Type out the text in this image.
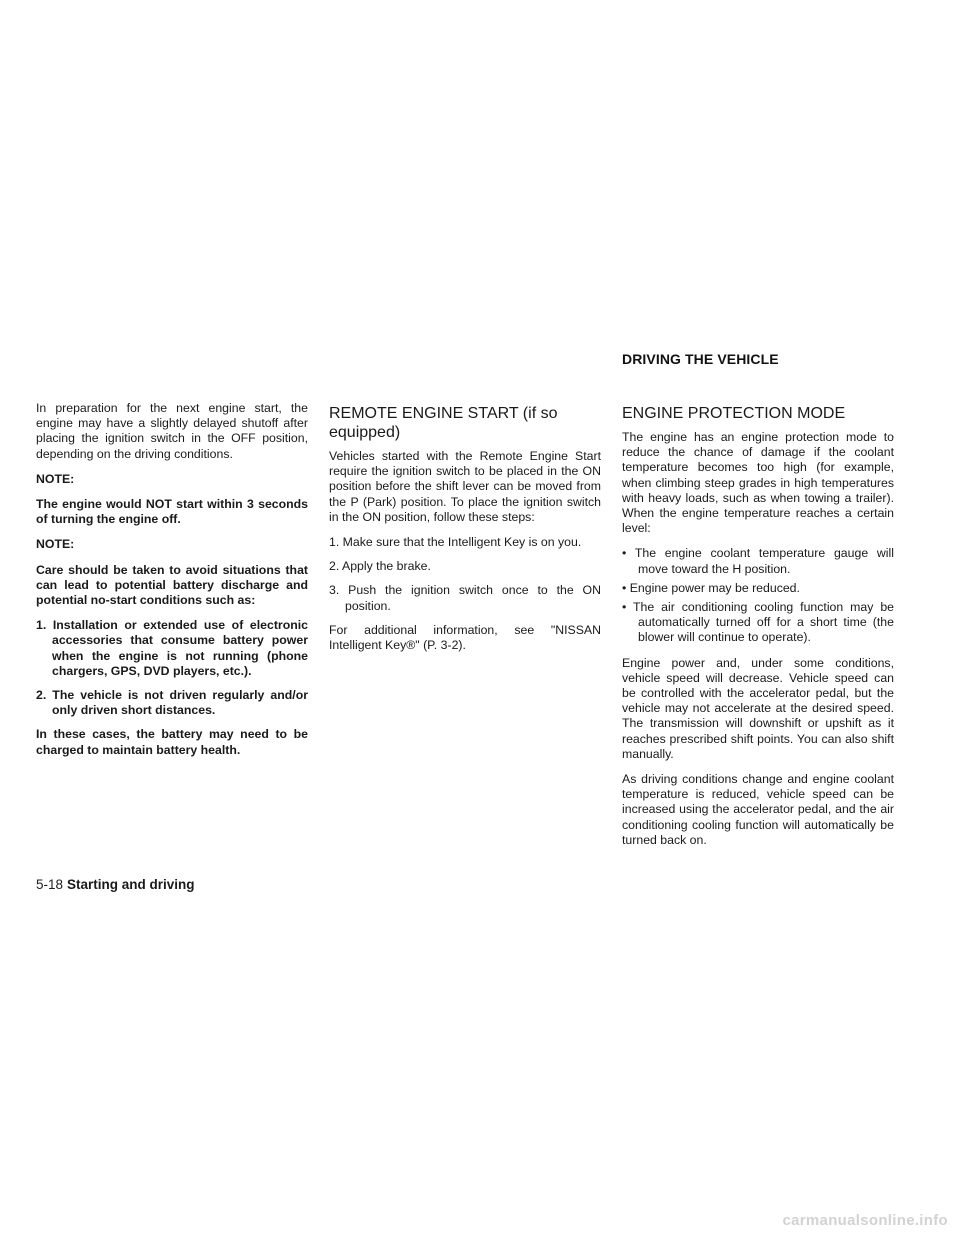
DRIVING THE VEHICLE

In preparation for the next engine start, the engine may have a slightly delayed shutoff after placing the ignition switch in the OFF position, depending on the driving conditions.

NOTE:

The engine would NOT start within 3 seconds of turning the engine off.

NOTE:

Care should be taken to avoid situations that can lead to potential battery discharge and potential no-start conditions such as:

1. Installation or extended use of electronic accessories that consume battery power when the engine is not running (phone chargers, GPS, DVD players, etc.).

2. The vehicle is not driven regularly and/or only driven short distances.

In these cases, the battery may need to be charged to maintain battery health.

REMOTE ENGINE START (if so equipped)

Vehicles started with the Remote Engine Start require the ignition switch to be placed in the ON position before the shift lever can be moved from the P (Park) position. To place the ignition switch in the ON position, follow these steps:

1. Make sure that the Intelligent Key is on you.

2. Apply the brake.

3. Push the ignition switch once to the ON position.

For additional information, see "NISSAN Intelligent Key®" (P. 3-2).

ENGINE PROTECTION MODE

The engine has an engine protection mode to reduce the chance of damage if the coolant temperature becomes too high (for example, when climbing steep grades in high temperatures with heavy loads, such as when towing a trailer). When the engine temperature reaches a certain level:

• The engine coolant temperature gauge will move toward the H position.

• Engine power may be reduced.

• The air conditioning cooling function may be automatically turned off for a short time (the blower will continue to operate).

Engine power and, under some conditions, vehicle speed will decrease. Vehicle speed can be controlled with the accelerator pedal, but the vehicle may not accelerate at the desired speed. The transmission will downshift or upshift as it reaches prescribed shift points. You can also shift manually.

As driving conditions change and engine coolant temperature is reduced, vehicle speed can be increased using the accelerator pedal, and the air conditioning cooling function will automatically be turned back on.

5-18 Starting and driving
carmanualsonline.info
